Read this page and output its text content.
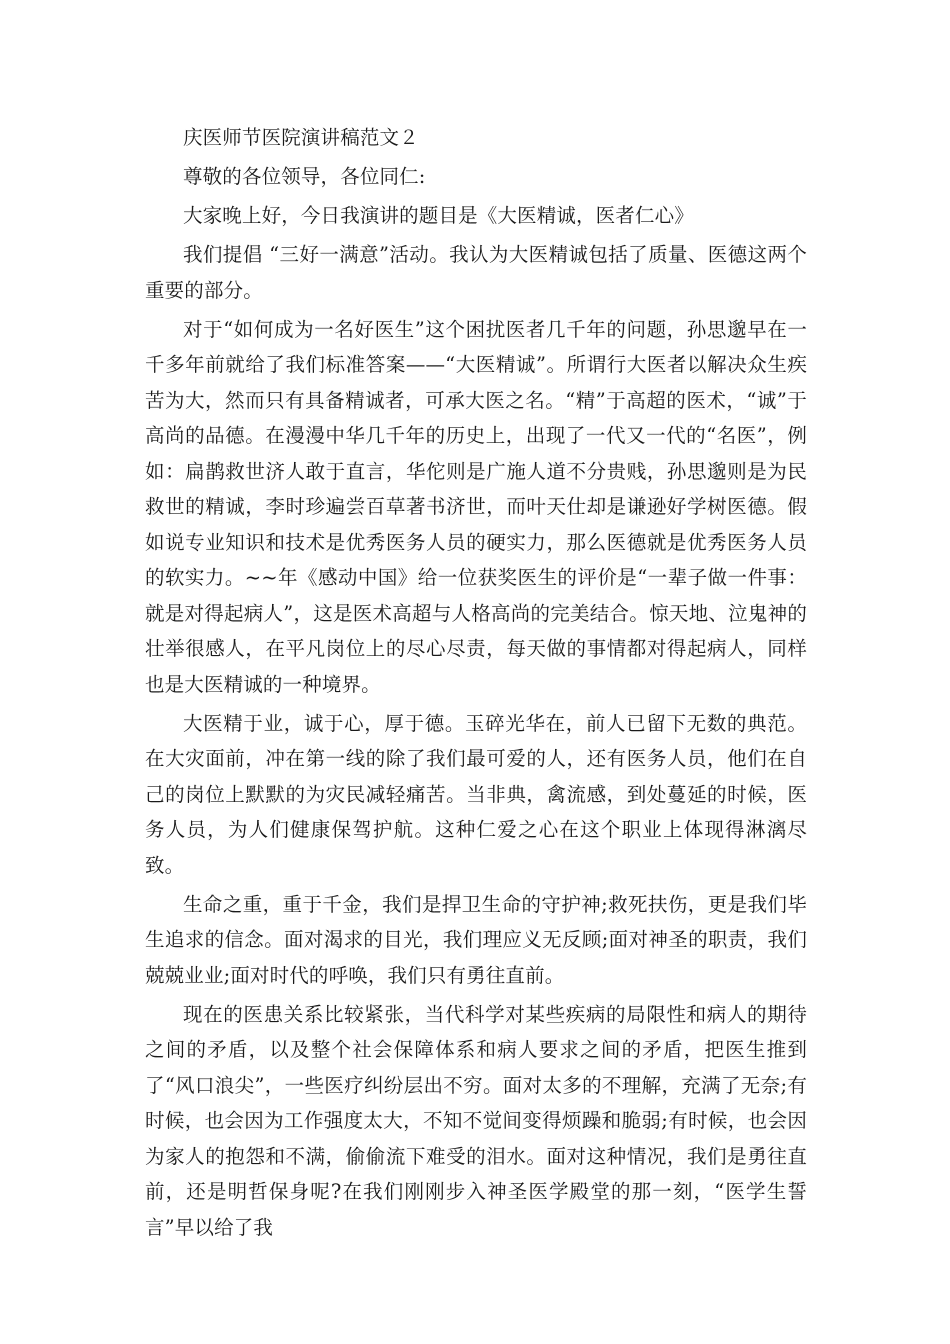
庆医师节医院演讲稿范文２

尊敬的各位领导，各位同仁:

大家晚上好，今日我演讲的题目是《大医精诚，医者仁心》

我们提倡 “三好一满意”活动。我认为大医精诚包括了质量、医德这两个重要的部分。

对于“如何成为一名好医生”这个困扰医者几千年的问题，孙思邈早在一千多年前就给了我们标准答案——“大医精诚”。所谓行大医者以解决众生疾苦为大，然而只有具备精诚者，可承大医之名。“精”于高超的医术，“诚”于高尚的品德。在漫漫中华几千年的历史上，出现了一代又一代的“名医”，例如：扁鹊救世济人敢于直言，华佗则是广施人道不分贵贱，孙思邈则是为民救世的精诚，李时珍遍尝百草著书济世，而叶天仕却是谦逊好学树医德。假如说专业知识和技术是优秀医务人员的硬实力，那么医德就是优秀医务人员的软实力。~~年《感动中国》给一位获奖医生的评价是“一辈子做一件事：就是对得起病人”，这是医术高超与人格高尚的完美结合。惊天地、泣鬼神的壮举很感人，在平凡岗位上的尽心尽责，每天做的事情都对得起病人，同样也是大医精诚的一种境界。

大医精于业，诚于心，厚于德。玉碎光华在，前人已留下无数的典范。在大灾面前，冲在第一线的除了我们最可爱的人，还有医务人员，他们在自己的岗位上默默的为灾民减轻痛苦。当非典，禽流感，到处蔓延的时候，医务人员，为人们健康保驾护航。这种仁爱之心在这个职业上体现得淋漓尽致。

生命之重，重于千金，我们是捍卫生命的守护神;救死扶伤，更是我们毕生追求的信念。面对渴求的目光，我们理应义无反顾;面对神圣的职责，我们兢兢业业;面对时代的呼唤，我们只有勇往直前。

现在的医患关系比较紧张，当代科学对某些疾病的局限性和病人的期待之间的矛盾，以及整个社会保障体系和病人要求之间的矛盾，把医生推到了“风口浪尖”，一些医疗纠纷层出不穷。面对太多的不理解，充满了无奈;有时候，也会因为工作强度太大，不知不觉间变得烦躁和脆弱;有时候，也会因为家人的抱怨和不满，偷偷流下难受的泪水。面对这种情况，我们是勇往直前，还是明哲保身呢?在我们刚刚步入神圣医学殿堂的那一刻，“医学生誓言”早以给了我
